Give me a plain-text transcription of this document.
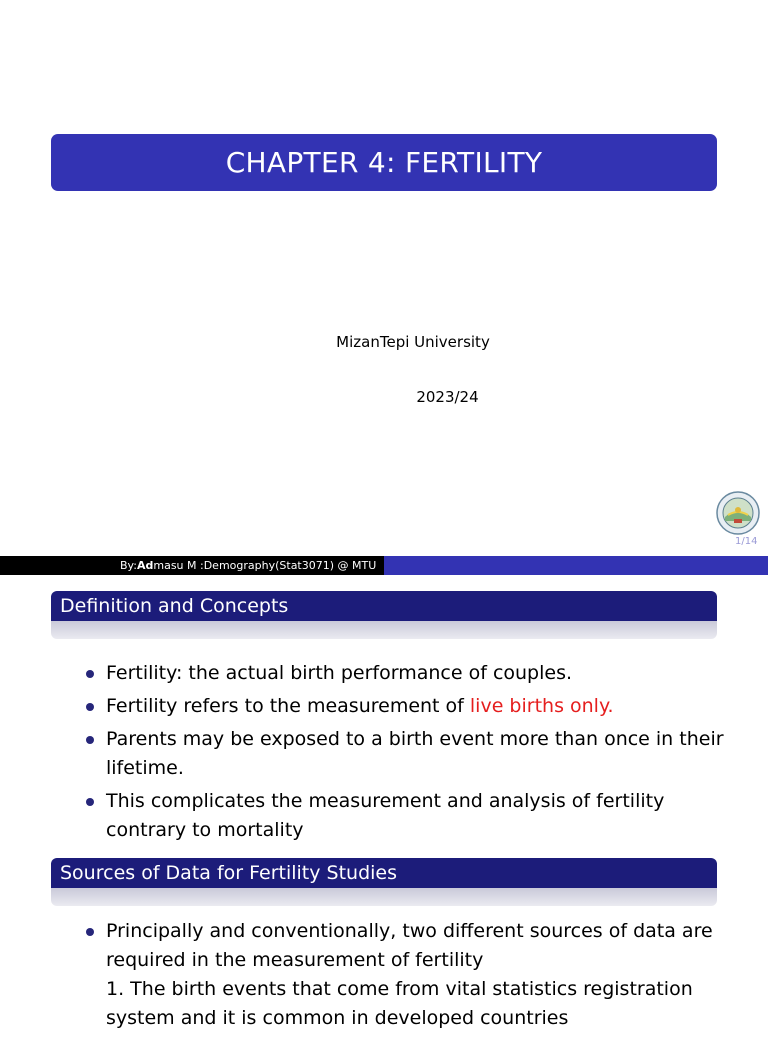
CHAPTER 4: FERTILITY
MizanTepi University
2023/24
1/14
By:Admasu M :Demography(Stat3071) @ MTU
Definition and Concepts
Fertility: the actual birth performance of couples.
Fertility refers to the measurement of live births only.
Parents may be exposed to a birth event more than once in their lifetime.
This complicates the measurement and analysis of fertility contrary to mortality
Sources of Data for Fertility Studies
Principally and conventionally, two different sources of data are required in the measurement of fertility
1. The birth events that come from vital statistics registration system and it is common in developed countries
